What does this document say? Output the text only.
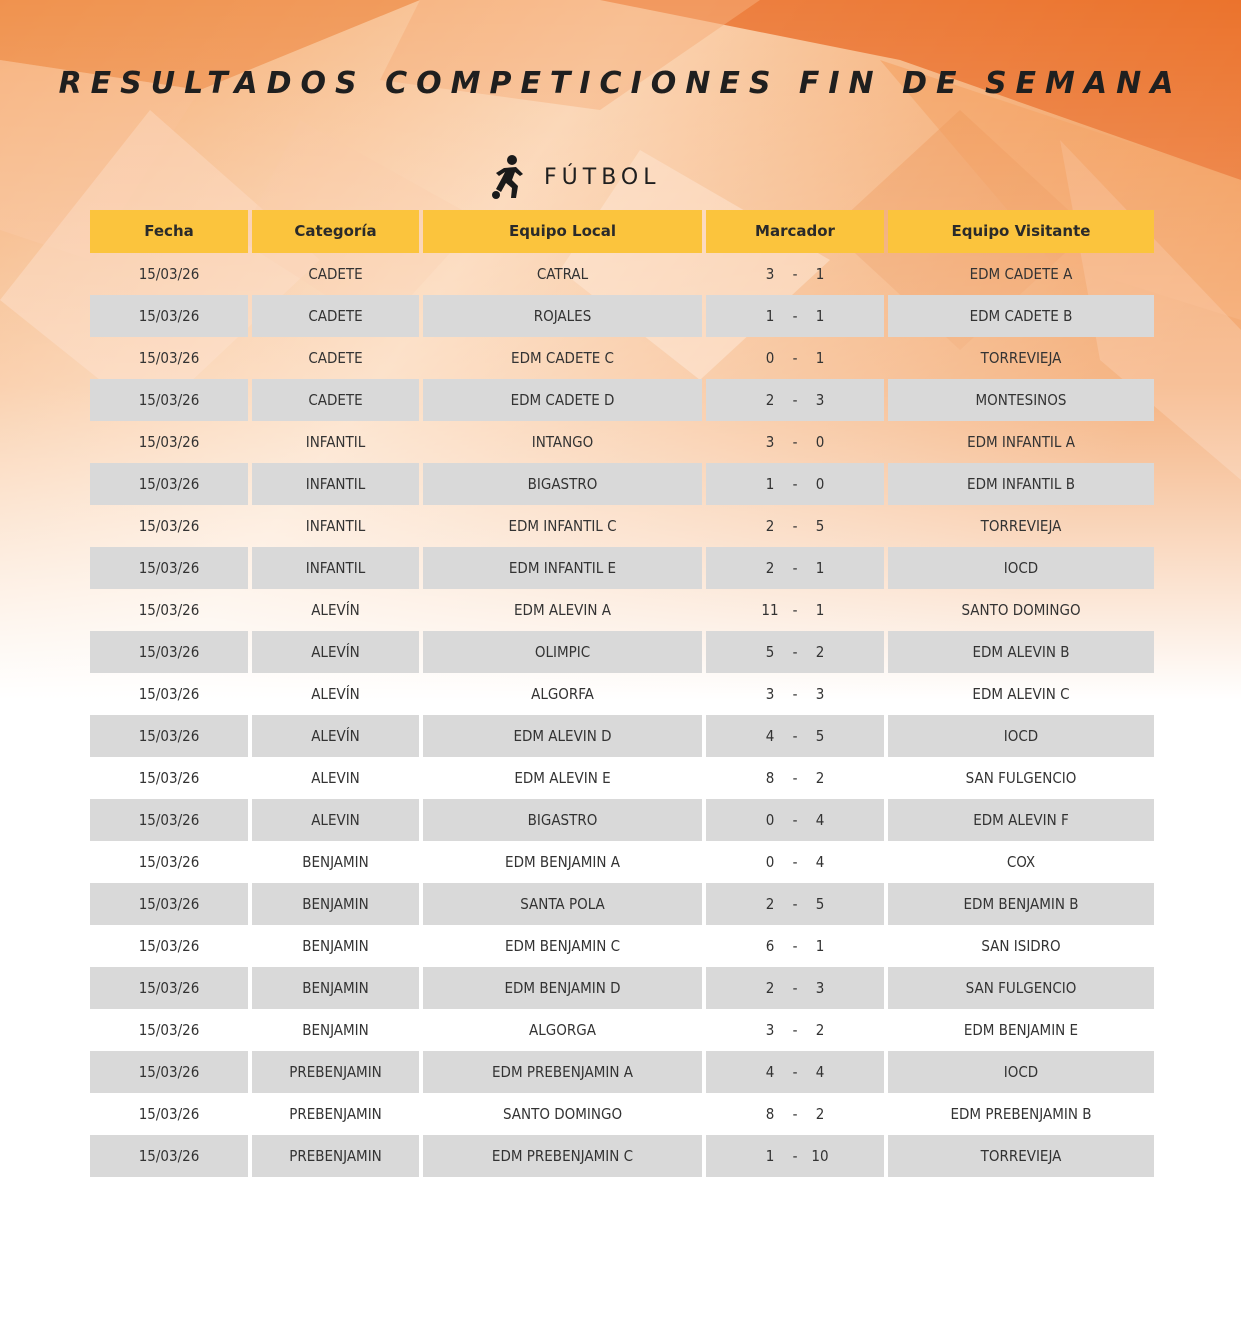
RESULTADOS COMPETICIONES FIN DE SEMANA
FÚTBOL
Fecha	Categoría	Equipo Local	Marcador	Equipo Visitante
15/03/26	CADETE	CATRAL	3	-	1	EDM CADETE A
15/03/26	CADETE	ROJALES	1	-	1	EDM CADETE B
15/03/26	CADETE	EDM CADETE C	0	-	1	TORREVIEJA
15/03/26	CADETE	EDM CADETE D	2	-	3	MONTESINOS
15/03/26	INFANTIL	INTANGO	3	-	0	EDM INFANTIL A
15/03/26	INFANTIL	BIGASTRO	1	-	0	EDM INFANTIL B
15/03/26	INFANTIL	EDM INFANTIL C	2	-	5	TORREVIEJA
15/03/26	INFANTIL	EDM INFANTIL E	2	-	1	IOCD
15/03/26	ALEVÍN	EDM ALEVIN A	11 -	1	SANTO DOMINGO
15/03/26	ALEVÍN	OLIMPIC	5	-	2	EDM ALEVIN B
15/03/26	ALEVÍN	ALGORFA	3	-	3	EDM ALEVIN C
15/03/26	ALEVÍN	EDM ALEVIN D	4	-	5	IOCD
15/03/26	ALEVIN	EDM ALEVIN E	8	-	2	SAN FULGENCIO
15/03/26	ALEVIN	BIGASTRO	0	-	4	EDM ALEVIN F
15/03/26	BENJAMIN	EDM BENJAMIN A	0	-	4	COX
15/03/26	BENJAMIN	SANTA POLA	2	-	5	EDM BENJAMIN B
15/03/26	BENJAMIN	EDM BENJAMIN C	6	-	1	SAN ISIDRO
15/03/26	BENJAMIN	EDM BENJAMIN D	2	-	3	SAN FULGENCIO
15/03/26	BENJAMIN	ALGORGA	3	-	2	EDM BENJAMIN E
15/03/26	PREBENJAMIN	EDM PREBENJAMIN A	4	-	4	IOCD
15/03/26	PREBENJAMIN	SANTO DOMINGO	8	-	2	EDM PREBENJAMIN B
15/03/26	PREBENJAMIN	EDM PREBENJAMIN C	1	- 10	TORREVIEJA
